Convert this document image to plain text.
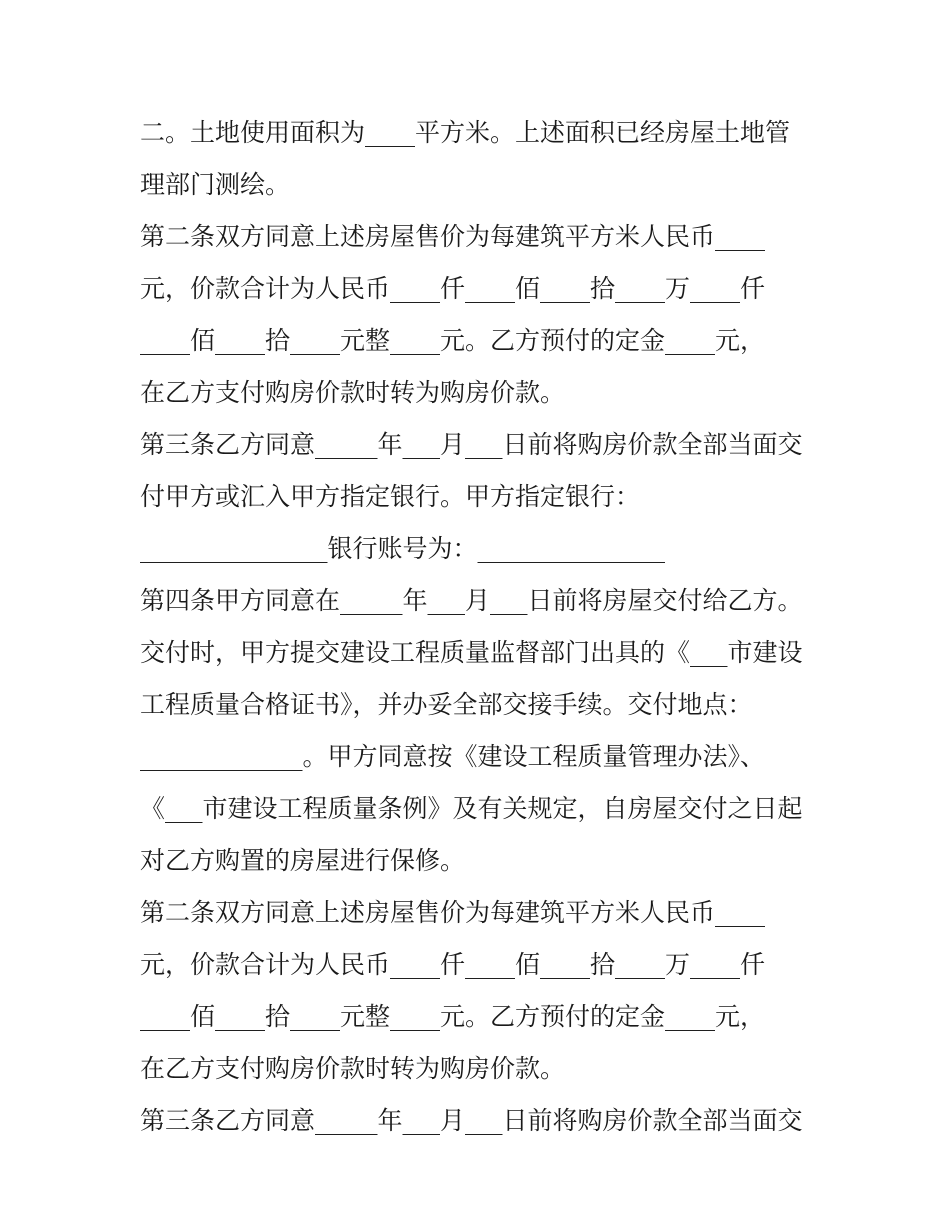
二。土地使用面积为____平方米。上述面积已经房屋土地管
理部门测绘。
第二条双方同意上述房屋售价为每建筑平方米人民币____
元，价款合计为人民币____仟____佰____拾____万____仟
____佰____拾____元整____元。乙方预付的定金____元，
在乙方支付购房价款时转为购房价款。
第三条乙方同意_____年___月___日前将购房价款全部当面交
付甲方或汇入甲方指定银行。甲方指定银行：
_______________银行账号为：_______________
第四条甲方同意在_____年___月___日前将房屋交付给乙方。
交付时，甲方提交建设工程质量监督部门出具的《___市建设
工程质量合格证书》，并办妥全部交接手续。交付地点：
_____________。甲方同意按《建设工程质量管理办法》、
《___市建设工程质量条例》及有关规定，自房屋交付之日起
对乙方购置的房屋进行保修。
第二条双方同意上述房屋售价为每建筑平方米人民币____
元，价款合计为人民币____仟____佰____拾____万____仟
____佰____拾____元整____元。乙方预付的定金____元，
在乙方支付购房价款时转为购房价款。
第三条乙方同意_____年___月___日前将购房价款全部当面交
